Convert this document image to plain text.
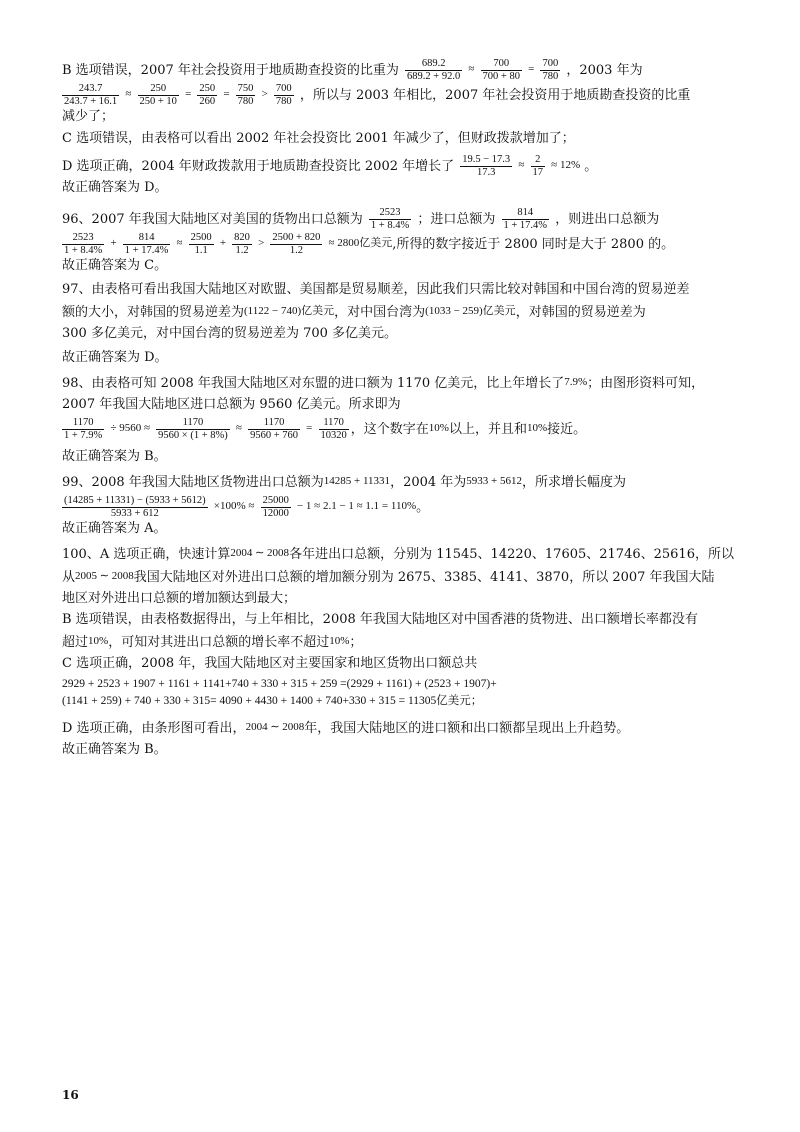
B 选项错误，2007 年社会投资用于地质勘查投资的比重为 $\frac{689.2}{689.2 + 92.0} \approx \frac{700}{700 + 80} = \frac{700}{780}$ ，2003 年为

$\frac{243.7}{243.7 + 16.1} \approx \frac{250}{250 + 10} = \frac{250}{260} = \frac{750}{780} > \frac{700}{780}$ ，所以与 2003 年相比，2007 年社会投资用于地质勘查投资的比重

减少了；

C 选项错误，由表格可以看出 2002 年社会投资比 2001 年减少了，但财政拨款增加了；

D 选项正确，2004 年财政拨款用于地质勘查投资比 2002 年增长了 $\frac{19.5 - 17.3}{17.3} \approx \frac{2}{17} \approx 12\%$ 。

故正确答案为 D。

96、2007 年我国大陆地区对美国的货物出口总额为 $\frac{2523}{1 + 8.4\%}$ ；进口总额为 $\frac{814}{1 + 17.4\%}$ ，则进出口总额为

$\frac{2523}{1 + 8.4\%} + \frac{814}{1 + 17.4\%} \approx \frac{2500}{1.1} + \frac{820}{1.2} > \frac{2500 + 820}{1.2} \approx 2800$亿美元,所得的数字接近于 2800 同时是大于 2800 的。

故正确答案为 C。

97、由表格可看出我国大陆地区对欧盟、美国都是贸易顺差，因此我们只需比较对韩国和中国台湾的贸易逆差

额的大小，对韩国的贸易逆差为(1122 − 740)亿美元，对中国台湾为(1033 − 259)亿美元，对韩国的贸易逆差为

300 多亿美元，对中国台湾的贸易逆差为 700 多亿美元。

故正确答案为 D。

98、由表格可知 2008 年我国大陆地区对东盟的进口额为 1170 亿美元，比上年增长了7.9%；由图形资料可知，

2007 年我国大陆地区进口总额为 9560 亿美元。所求即为

$\frac{1170}{1 + 7.9\%} \div 9560 \approx \frac{1170}{9560 \times (1 + 8\%)} \approx \frac{1170}{9560 + 760} = \frac{1170}{10320}$ ，这个数字在10%以上，并且和10%接近。

故正确答案为 B。

99、2008 年我国大陆地区货物进出口总额为14285 + 11331，2004 年为5933 + 5612，所求增长幅度为

$\frac{(14285 + 11331) - (5933 + 5612)}{5933 + 612} \times 100\% \approx \frac{25000}{12000} - 1 \approx 2.1 - 1 \approx 1.1 = 110\%$。

故正确答案为 A。

100、A 选项正确，快速计算2004 ∼ 2008各年进出口总额，分别为 11545、14220、17605、21746、25616，所以

从2005 ∼ 2008我国大陆地区对外进出口总额的增加额分别为 2675、3385、4141、3870，所以 2007 年我国大陆

地区对外进出口总额的增加额达到最大；

B 选项错误，由表格数据得出，与上年相比，2008 年我国大陆地区对中国香港的货物进、出口额增长率都没有

超过10%，可知对其进出口总额的增长率不超过10%；

C 选项正确，2008 年，我国大陆地区对主要国家和地区货物出口额总共

2929 + 2523 + 1907 + 1161 + 1141+740 + 330 + 315 + 259 =(2929 + 1161) + (2523 + 1907)+

(1141 + 259) + 740 + 330 + 315= 4090 + 4430 + 1400 + 740+330 + 315 = 11305亿美元；

D 选项正确，由条形图可看出，2004 ∼ 2008年，我国大陆地区的进口额和出口额都呈现出上升趋势。

故正确答案为 B。

16
